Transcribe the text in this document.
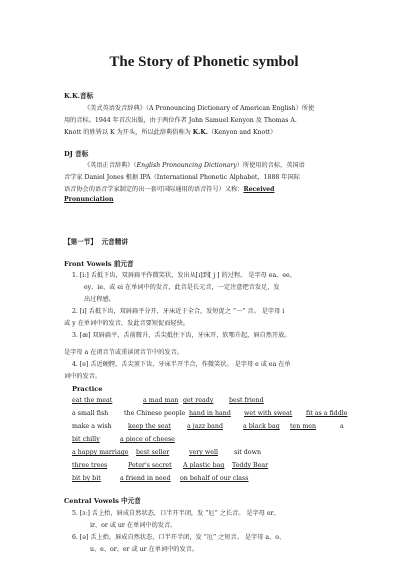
The Story of Phonetic symbol
K.K.音标
《美式英语发音辞典》（A Pronouncing Dictionary of American English）所使
用的音标。1944 年首次出版，由于两位作者 John Samuel Kenyon 及 Thomas A.
Knott 的姓皆以 K 为开头，所以此辞典俗称为 K.K.（Kenyon and Knott）
DJ 音标
《英语正音辞典》（English Pronouncing Dictionary）所使用的音标，英国语
音学家 Daniel Jones 根据 IPA（International Phonetic Alphabet，1888 年国际
语音协会的语音学家制定的出一套可国际通用的语音符号）又称：Received
Pronunciation
【第一节】 元音精讲
Front Vowels 前元音
1. [iː] 舌抵下齿，双唇扁平作微笑状，发出从[ɪ]到[ j ] 的过程。 是字母 ea、ee、
ey、ie、或 ei 在单词中的发音，此音是长元音，一定注意把音发足，发
出过程感。
2. [ɪ] 舌抵下齿，双唇扁平分开，牙床近于全合，发短促之 “一” 音。 是字母 i
或 y 在单词中的发音，发此音要短促而轻快。
3. [æ] 双唇扁平，舌前微升，舌尖抵住下齿，牙床开，软鄂升起，唇自然开放。
是字母 a 在闭音节或重读闭音节中的发音。
4. [e] 舌近硬腭，舌尖顶下齿，牙床半开半合，作微笑状。 是字母 e 或 ea 在单
词中的发音。
Practice
eat the meat	a mad man get ready best friend
a small fish	the Chinese people hand in hand wet with sweat fit as a fiddle
make a wish	keep the seat	a jazz band	a black bag ten men	a
bit chilly	a piece of cheese
a happy marriage best seller	very well	sit down
three trees	Peter's secret A plastic bag Teddy Bear
bit by bit	a friend in need on behalf of our class
Central Vowels 中元音
5. [ɜː] 舌上抬，唇成自然状态，口半开半闭，发 “厄” 之长音。 是字母 er、
ir、or 或 ur 在单词中的发音。
6. [ə] 舌上抬，唇成自然状态，口半开半闭，发 “厄” 之短音。 是字母 a、o、
u、e、or、er 或 ur 在单词中的发音。
